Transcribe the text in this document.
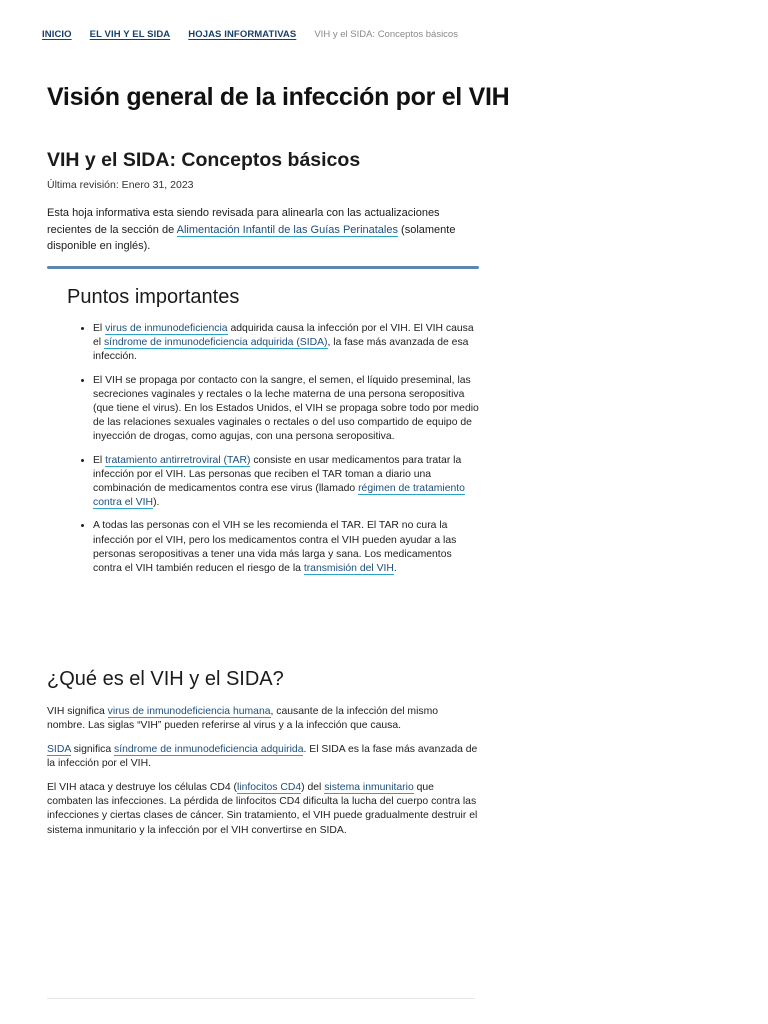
INICIO EL VIH Y EL SIDA HOJAS INFORMATIVAS VIH y el SIDA: Conceptos básicos
Visión general de la infección por el VIH
VIH y el SIDA: Conceptos básicos
Última revisión: Enero 31, 2023

Esta hoja informativa esta siendo revisada para alinearla con las actualizaciones recientes de la sección de Alimentación Infantil de las Guías Perinatales (solamente disponible en inglés).

Puntos importantes
• El virus de inmunodeficiencia adquirida causa la infección por el VIH. El VIH causa el síndrome de inmunodeficiencia adquirida (SIDA), la fase más avanzada de esa infección.
• El VIH se propaga por contacto con la sangre, el semen, el líquido preseminal, las secreciones vaginales y rectales o la leche materna de una persona seropositiva (que tiene el virus). En los Estados Unidos, el VIH se propaga sobre todo por medio de las relaciones sexuales vaginales o rectales o del uso compartido de equipo de inyección de drogas, como agujas, con una persona seropositiva.
• El tratamiento antirretroviral (TAR) consiste en usar medicamentos para tratar la infección por el VIH. Las personas que reciben el TAR toman a diario una combinación de medicamentos contra ese virus (llamado régimen de tratamiento contra el VIH).
• A todas las personas con el VIH se les recomienda el TAR. El TAR no cura la infección por el VIH, pero los medicamentos contra el VIH pueden ayudar a las personas seropositivas a tener una vida más larga y sana. Los medicamentos contra el VIH también reducen el riesgo de la transmisión del VIH.
¿Qué es el VIH y el SIDA?

VIH significa virus de inmunodeficiencia humana, causante de la infección del mismo nombre. Las siglas “VIH” pueden referirse al virus y a la infección que causa.

SIDA significa síndrome de inmunodeficiencia adquirida. El SIDA es la fase más avanzada de la infección por el VIH.

El VIH ataca y destruye los células CD4 (linfocitos CD4) del sistema inmunitario que combaten las infecciones. La pérdida de linfocitos CD4 dificulta la lucha del cuerpo contra las infecciones y ciertas clases de cáncer. Sin tratamiento, el VIH puede gradualmente destruir el sistema inmunitario y la infección por el VIH convertirse en SIDA.
